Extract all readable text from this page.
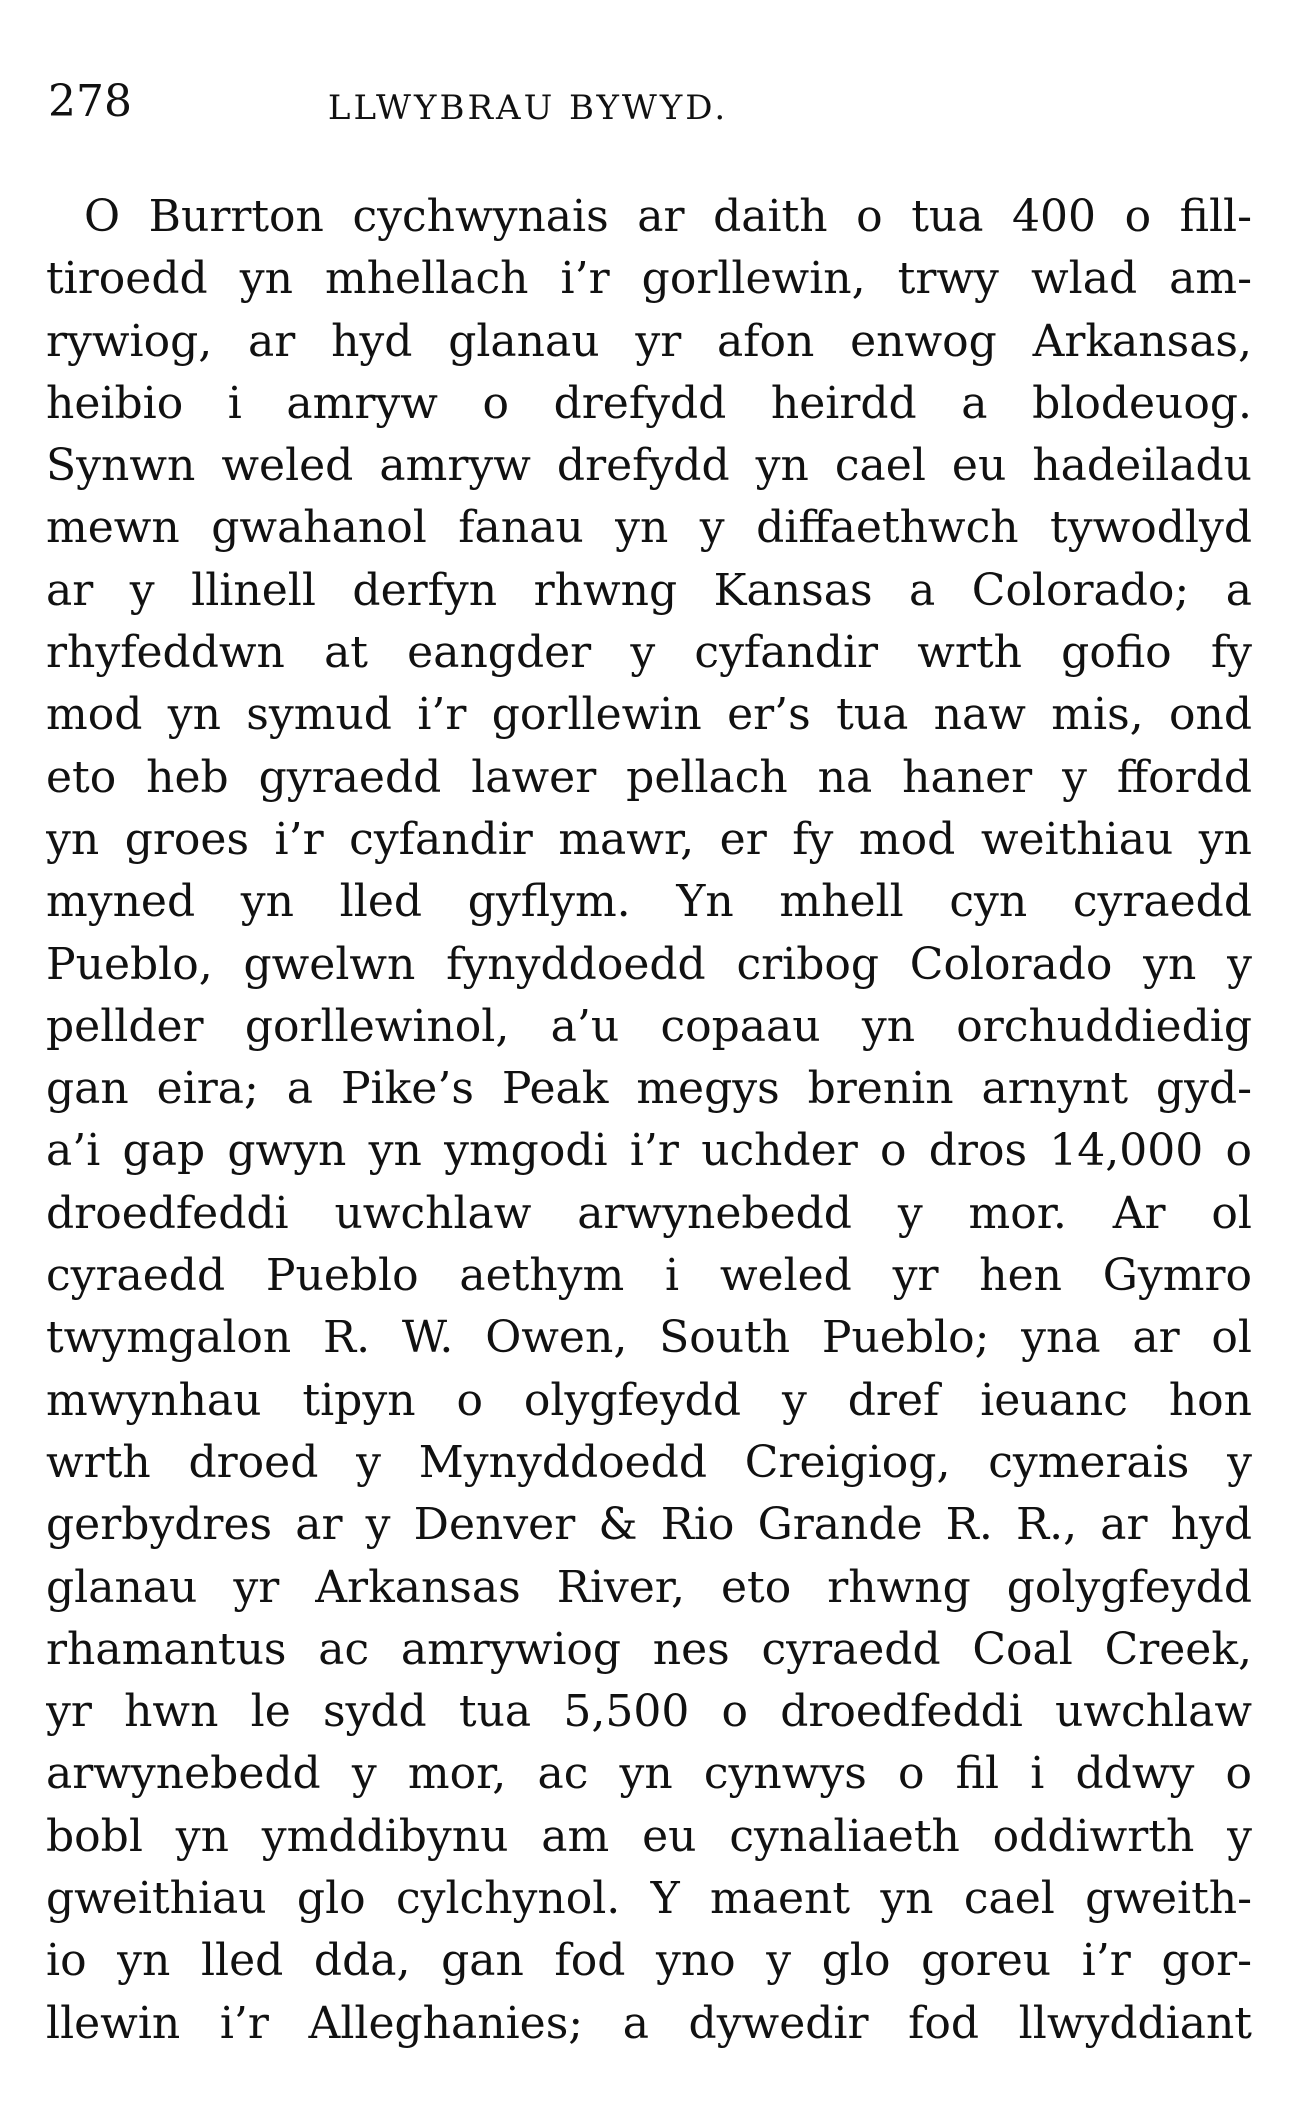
278	LLWYBRAU BYWYD.
O Burrton cychwynais ar daith o tua 400 o fill-
tiroedd yn mhellach i’r gorllewin, trwy wlad am-
rywiog, ar hyd glanau yr afon enwog Arkansas,
heibio i amryw o drefydd heirdd a blodeuog.
Synwn weled amryw drefydd yn cael eu hadeiladu
mewn gwahanol fanau yn y diffaethwch tywodlyd
ar y llinell derfyn rhwng Kansas a Colorado; a
rhyfeddwn at eangder y cyfandir wrth gofio fy
mod yn symud i’r gorllewin er’s tua naw mis, ond
eto heb gyraedd lawer pellach na haner y ffordd
yn groes i’r cyfandir mawr, er fy mod weithiau yn
myned yn lled gyflym. Yn mhell cyn cyraedd
Pueblo, gwelwn fynyddoedd cribog Colorado yn y
pellder gorllewinol, a’u copaau yn orchuddiedig
gan eira; a Pike’s Peak megys brenin arnynt gyd-
a’i gap gwyn yn ymgodi i’r uchder o dros 14,000 o
droedfeddi uwchlaw arwynebedd y mor. Ar ol
cyraedd Pueblo aethym i weled yr hen Gymro
twymgalon R. W. Owen, South Pueblo; yna ar ol
mwynhau tipyn o olygfeydd y dref ieuanc hon
wrth droed y Mynyddoedd Creigiog, cymerais y
gerbydres ar y Denver & Rio Grande R. R., ar hyd
glanau yr Arkansas River, eto rhwng golygfeydd
rhamantus ac amrywiog nes cyraedd Coal Creek,
yr hwn le sydd tua 5,500 o droedfeddi uwchlaw
arwynebedd y mor, ac yn cynwys o fil i ddwy o
bobl yn ymddibynu am eu cynaliaeth oddiwrth y
gweithiau glo cylchynol. Y maent yn cael gweith-
io yn lled dda, gan fod yno y glo goreu i’r gor-
llewin i’r Alleghanies; a dywedir fod llwyddiant
